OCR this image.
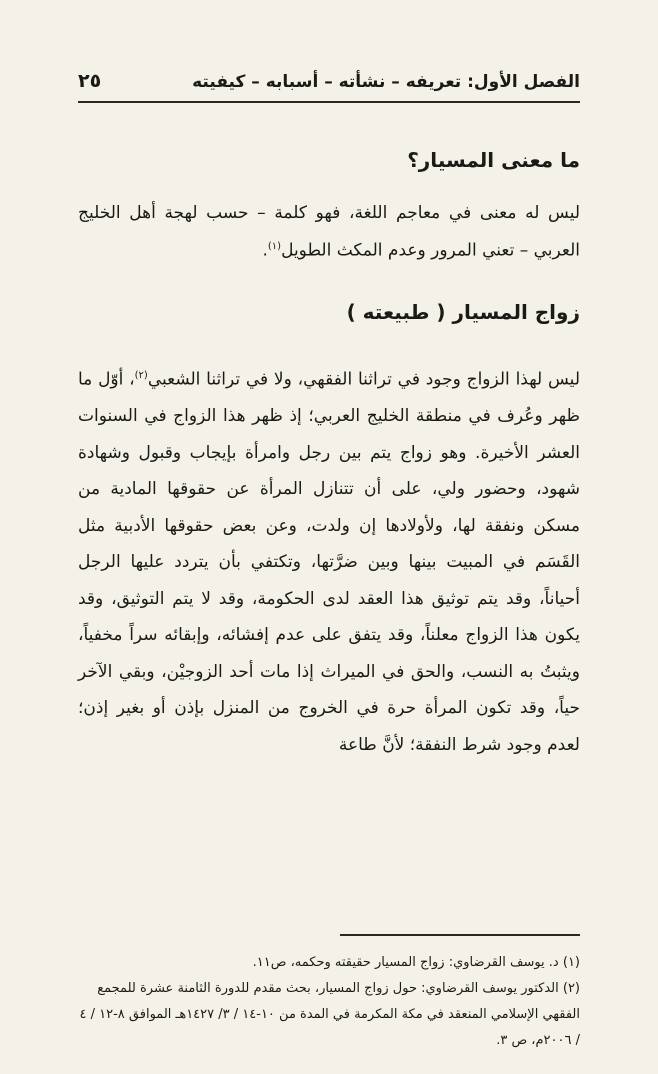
الفصل الأول: تعريفه – نشأته – أسبابه – كيفيته
٢٥
ما معنى المسيار؟

ليس له معنى في معاجم اللغة، فهو كلمة – حسب لهجة أهل الخليج العربي – تعني المرور وعدم المكث الطويل$^{(١)}$.

زواج المسيار ( طبيعته )

ليس لهذا الزواج وجود في تراثنا الفقهي، ولا في تراثنا الشعبي$^{(٢)}$، أوّل ما ظهر وعُرف في منطقة الخليج العربي؛ إذ ظهر هذا الزواج في السنوات العشر الأخيرة. وهو زواج يتم بين رجل وامرأة بإيجاب وقبول وشهادة شهود، وحضور ولي، على أن تتنازل المرأة عن حقوقها المادية من مسكن ونفقة لها، ولأولادها إن ولدت، وعن بعض حقوقها الأدبية مثل القَسَم في المبيت بينها وبين ضرَّتها، وتكتفي بأن يتردد عليها الرجل أحياناً، وقد يتم توثيق هذا العقد لدى الحكومة، وقد لا يتم التوثيق، وقد يكون هذا الزواج معلناً، وقد يتفق على عدم إفشائه، وإبقائه سراً مخفياً، ويثبتُ به النسب، والحق في الميراث إذا مات أحد الزوجيْن، وبقي الآخر حياً، وقد تكون المرأة حرة في الخروج من المنزل بإذن أو بغير إذن؛ لعدم وجود شرط النفقة؛ لأنَّ طاعة

(١) د. يوسف القرضاوي: زواج المسيار حقيقته وحكمه، ص١١.

(٢) الدكتور يوسف القرضاوي: حول زواج المسيار، بحث مقدم للدورة الثامنة عشرة للمجمع الفقهي الإسلامي المنعقد في مكة المكرمة في المدة من ١٠-١٤ / ٣/ ١٤٢٧هـ الموافق ٨-١٢ / ٤ / ٢٠٠٦م، ص ٣.
